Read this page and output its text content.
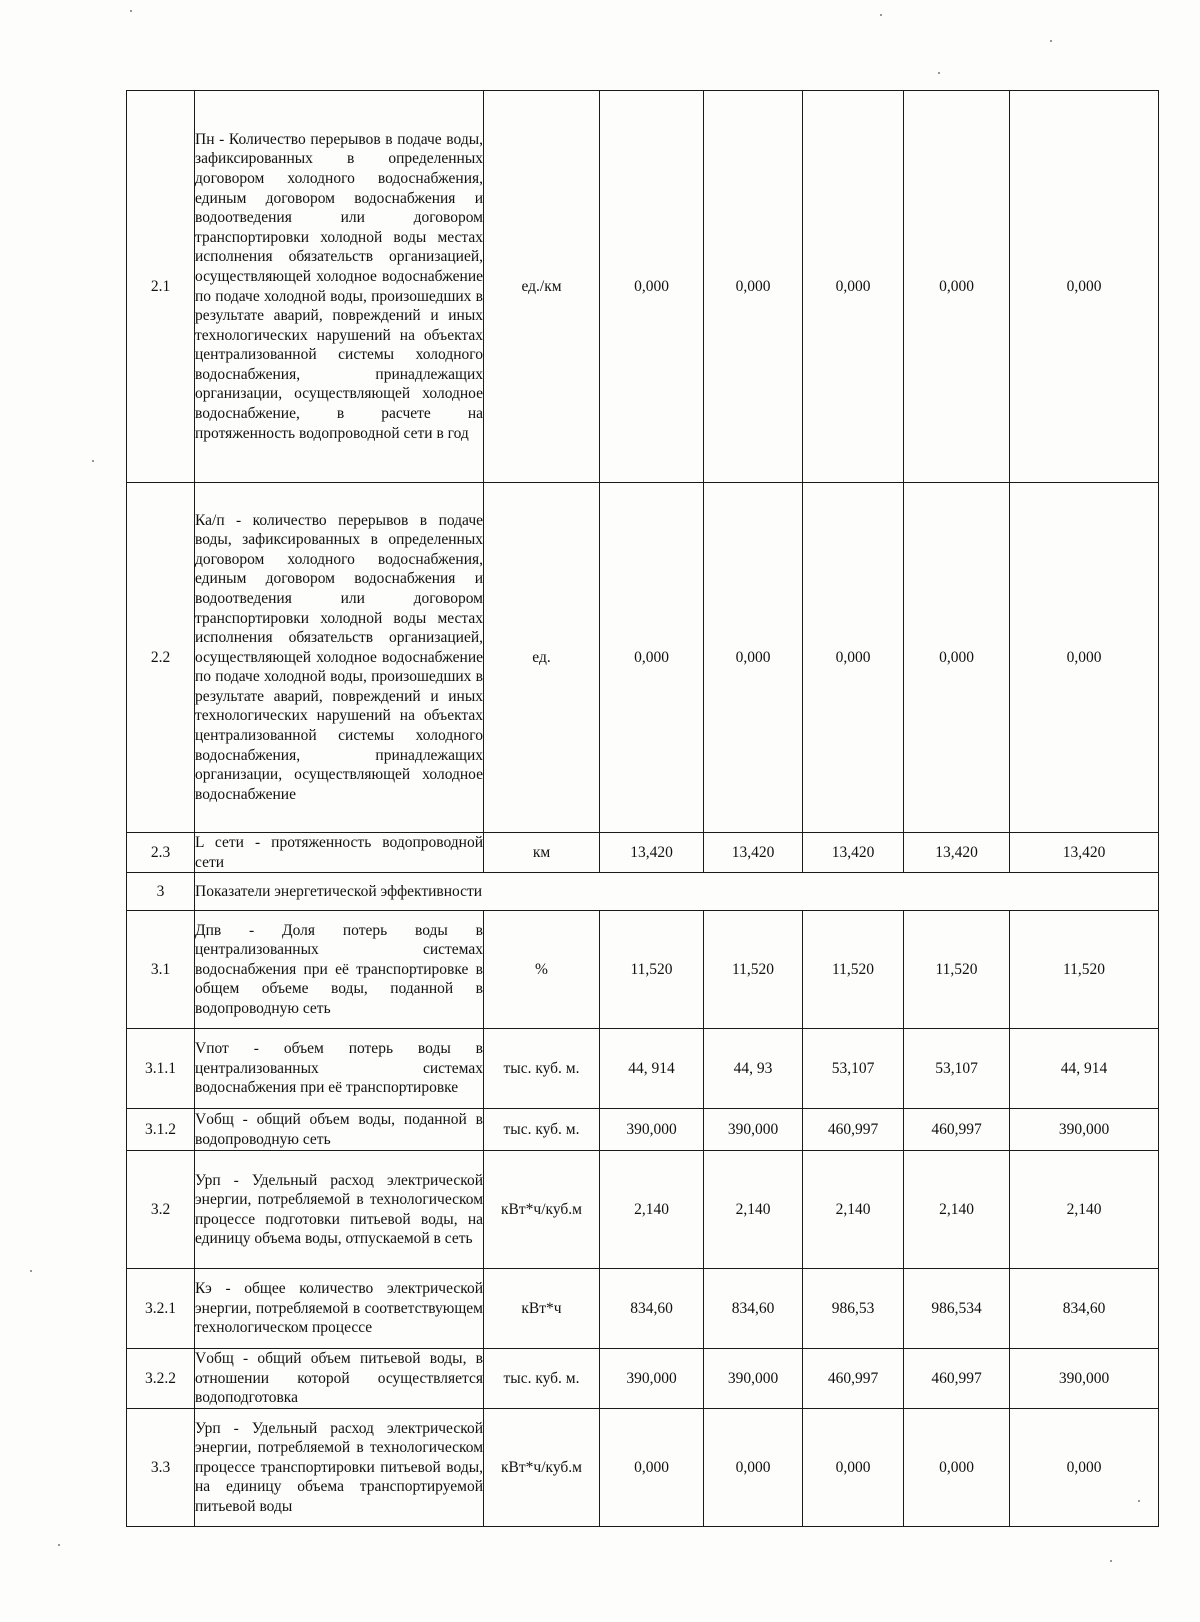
2.1	Пн - Количество перерывов в подаче воды, зафиксированных в определенных договором холодного водоснабжения, единым договором водоснабжения и водоотведения или договором транспортировки холодной воды местах исполнения обязательств организацией, осуществляющей холодное водоснабжение по подаче холодной воды, произошедших в результате аварий, повреждений и иных технологических нарушений на объектах централизованной системы холодного водоснабжения, принадлежащих организации, осуществляющей холодное водоснабжение, в расчете на протяженность водопроводной сети в год	ед./км	0,000	0,000	0,000	0,000	0,000
2.2	Ка/п - количество перерывов в подаче воды, зафиксированных в определенных договором холодного водоснабжения, единым договором водоснабжения и водоотведения или договором транспортировки холодной воды местах исполнения обязательств организацией, осуществляющей холодное водоснабжение по подаче холодной воды, произошедших в результате аварий, повреждений и иных технологических нарушений на объектах централизованной системы холодного водоснабжения, принадлежащих организации, осуществляющей холодное водоснабжение	ед.	0,000	0,000	0,000	0,000	0,000
2.3	L сети - протяженность водопроводной сети	км	13,420	13,420	13,420	13,420	13,420
3	Показатели энергетической эффективности						
3.1	Дпв - Доля потерь воды в централизованных системах водоснабжения при её транспортировке в общем объеме воды, поданной в водопроводную сеть	%	11,520	11,520	11,520	11,520	11,520
3.1.1	Vпот - объем потерь воды в централизованных системах водоснабжения при её транспортировке	тыс. куб. м.	44, 914	44, 93	53,107	53,107	44, 914
3.1.2	Vобщ - общий объем воды, поданной в водопроводную сеть	тыс. куб. м.	390,000	390,000	460,997	460,997	390,000
3.2	Урп - Удельный расход электрической энергии, потребляемой в технологическом процессе подготовки питьевой воды, на единицу объема воды, отпускаемой в сеть	кВт*ч/куб.м	2,140	2,140	2,140	2,140	2,140
3.2.1	Кэ - общее количество электрической энергии, потребляемой в соответствующем технологическом процессе	кВт*ч	834,60	834,60	986,53	986,534	834,60
3.2.2	Vобщ - общий объем питьевой воды, в отношении которой осуществляется водоподготовка	тыс. куб. м.	390,000	390,000	460,997	460,997	390,000
3.3	Урп - Удельный расход электрической энергии, потребляемой в технологическом процессе транспортировки питьевой воды, на единицу объема транспортируемой питьевой воды	кВт*ч/куб.м	0,000	0,000	0,000	0,000	0,000
